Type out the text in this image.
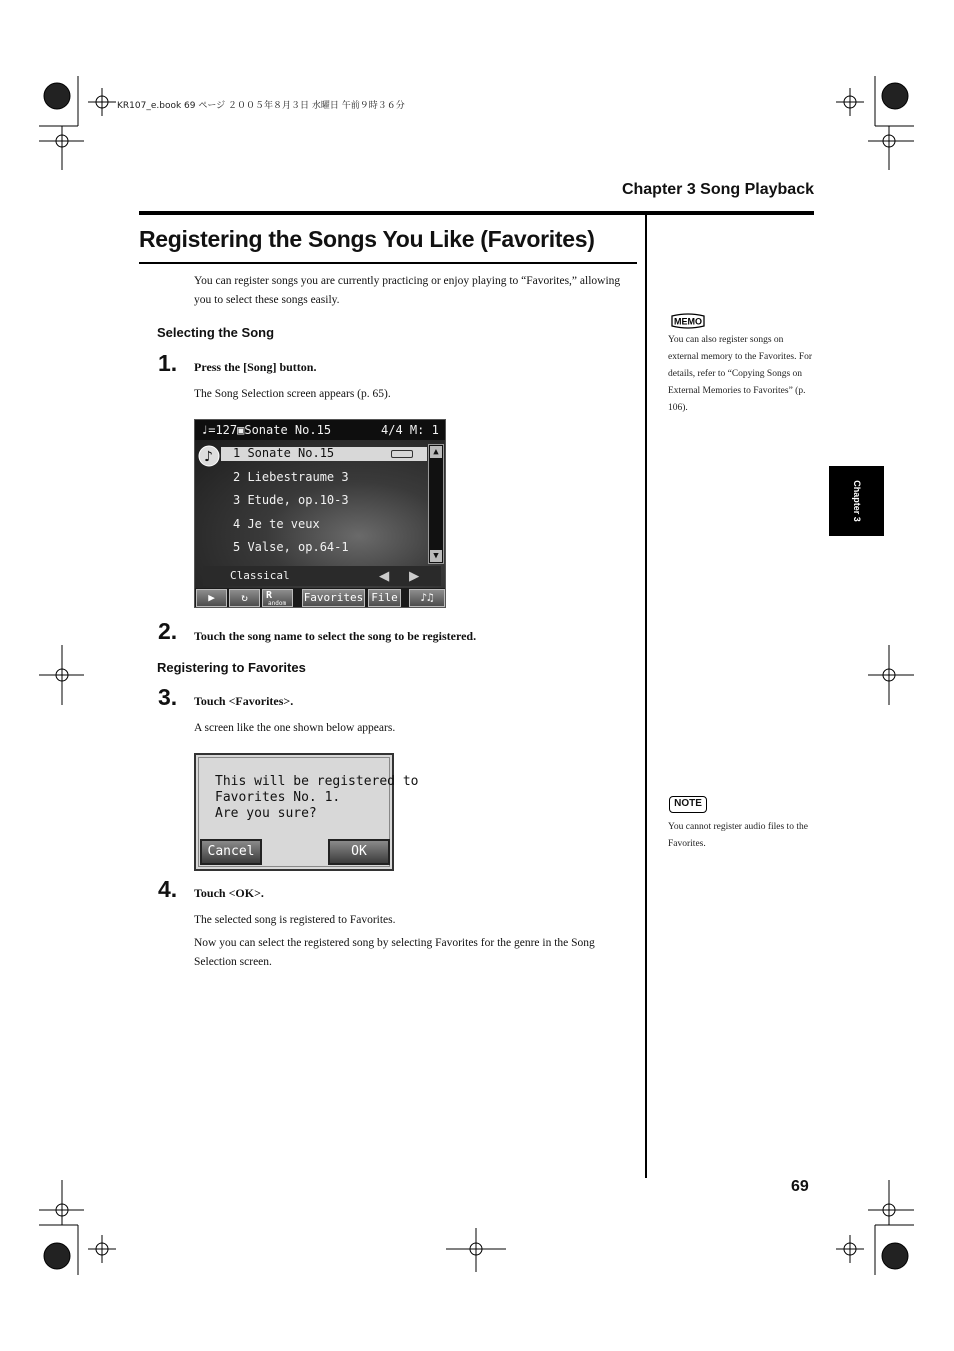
KR107_e.book 69 ページ ２００５年８月３日 水曜日 午前９時３６分
Chapter 3 Song Playback
Registering the Songs You Like (Favorites)

You can register songs you are currently practicing or enjoy playing to “Favorites,” allowing you to select these songs easily.

Selecting the Song
1. Press the [Song] button.
The Song Selection screen appears (p. 65).
♩=127▣Sonate No.15	4/4 M: 1
♪ 1 Sonate No.15
2 Liebestraume 3
3 Etude, op.10-3
4 Je te veux
5 Valse, op.64-1
▲
▼
Classical	◀ ▶
▶	↻	R
andom Favorites File	♪♫
2. Touch the song name to select the song to be registered.
Registering to Favorites
3. Touch <Favorites>.
A screen like the one shown below appears.
This will be registered to
Favorites No. 1.
Are you sure?
Cancel	OK
4. Touch <OK>.
The selected song is registered to Favorites.
Now you can select the registered song by selecting Favorites for the genre in the Song Selection screen.
MEMO

You can also register songs on external memory to the Favorites. For details, refer to “Copying Songs on External Memories to Favorites” (p. 106).

NOTE

You cannot register audio files to the Favorites.

Chapter 3
69
